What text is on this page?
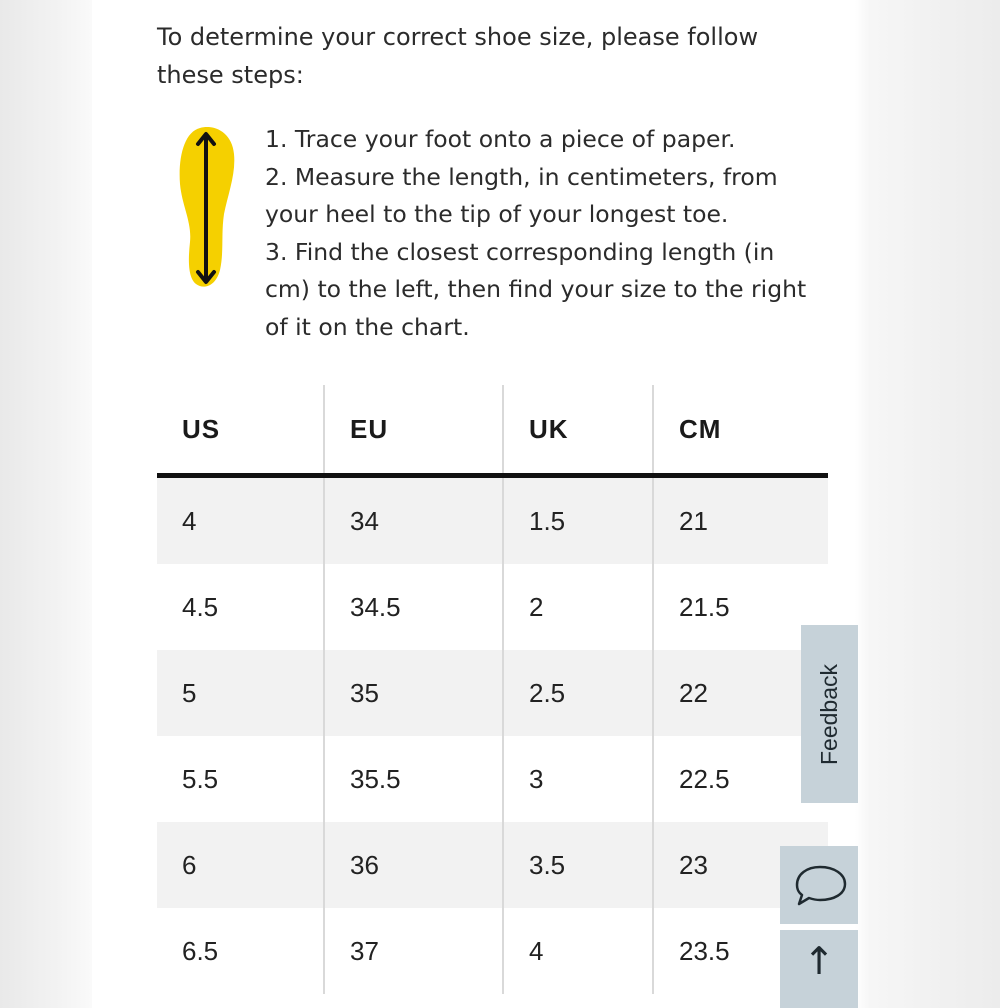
To determine your correct shoe size, please follow these steps:

1. Trace your foot onto a piece of paper.
2. Measure the length, in centimeters, from your heel to the tip of your longest toe.
3. Find the closest corresponding length (in cm) to the left, then find your size to the right of it on the chart.
US	EU	UK	CM
4	34	1.5	21
4.5	34.5	2	21.5
5	35	2.5	22
5.5	35.5	3	22.5
6	36	3.5	23
6.5	37	4	23.5
Feedback
↑
